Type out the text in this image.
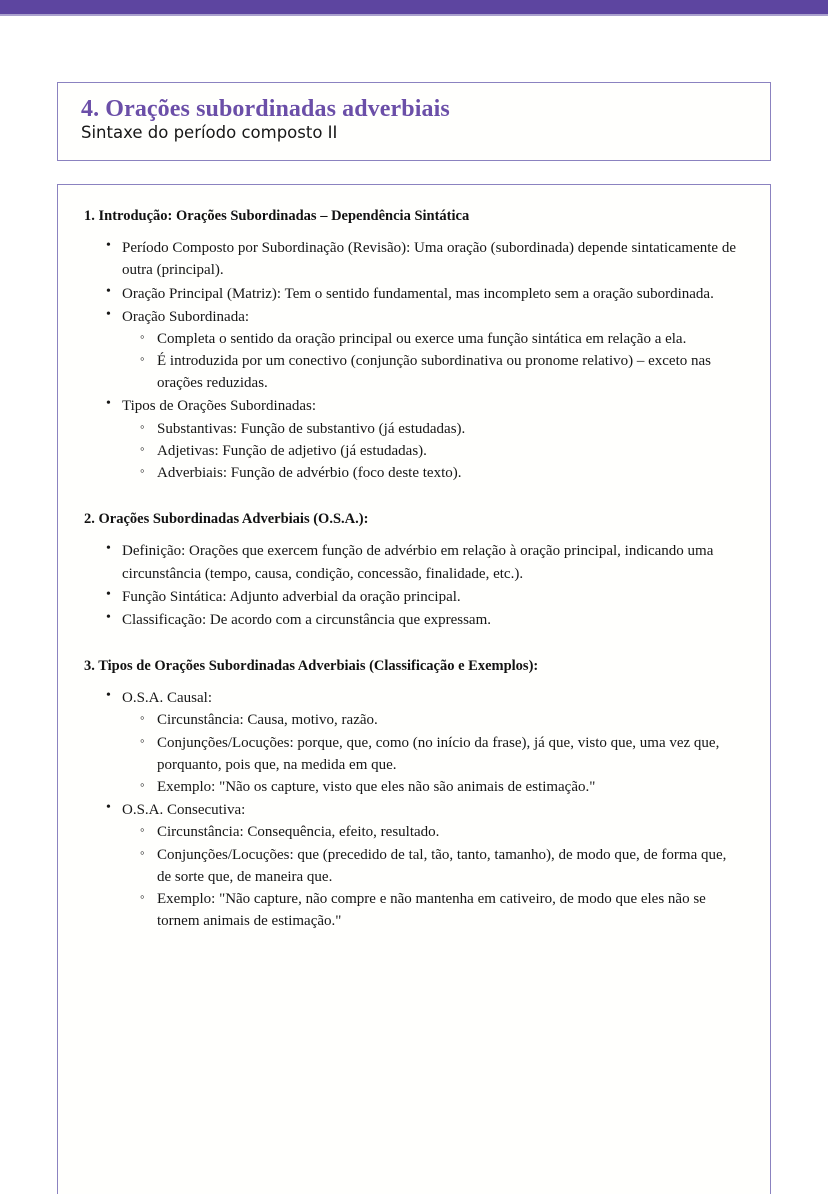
4. Orações subordinadas adverbiais
Sintaxe do período composto II
1. Introdução: Orações Subordinadas – Dependência Sintática
• Período Composto por Subordinação (Revisão): Uma oração (subordinada) depende sintaticamente de outra (principal).
• Oração Principal (Matriz): Tem o sentido fundamental, mas incompleto sem a oração subordinada.
• Oração Subordinada:
◦ Completa o sentido da oração principal ou exerce uma função sintática em relação a ela.
◦ É introduzida por um conectivo (conjunção subordinativa ou pronome relativo) – exceto nas orações reduzidas.
• Tipos de Orações Subordinadas:
◦ Substantivas: Função de substantivo (já estudadas).
◦ Adjetivas: Função de adjetivo (já estudadas).
◦ Adverbiais: Função de advérbio (foco deste texto).
2. Orações Subordinadas Adverbiais (O.S.A.):
• Definição: Orações que exercem função de advérbio em relação à oração principal, indicando uma circunstância (tempo, causa, condição, concessão, finalidade, etc.).
• Função Sintática: Adjunto adverbial da oração principal.
• Classificação: De acordo com a circunstância que expressam.
3. Tipos de Orações Subordinadas Adverbiais (Classificação e Exemplos):
• O.S.A. Causal:
◦ Circunstância: Causa, motivo, razão.
◦ Conjunções/Locuções: porque, que, como (no início da frase), já que, visto que, uma vez que, porquanto, pois que, na medida em que.
◦ Exemplo: "Não os capture, visto que eles não são animais de estimação."
• O.S.A. Consecutiva:
◦ Circunstância: Consequência, efeito, resultado.
◦ Conjunções/Locuções: que (precedido de tal, tão, tanto, tamanho), de modo que, de forma que, de sorte que, de maneira que.
◦ Exemplo: "Não capture, não compre e não mantenha em cativeiro, de modo que eles não se tornem animais de estimação."
